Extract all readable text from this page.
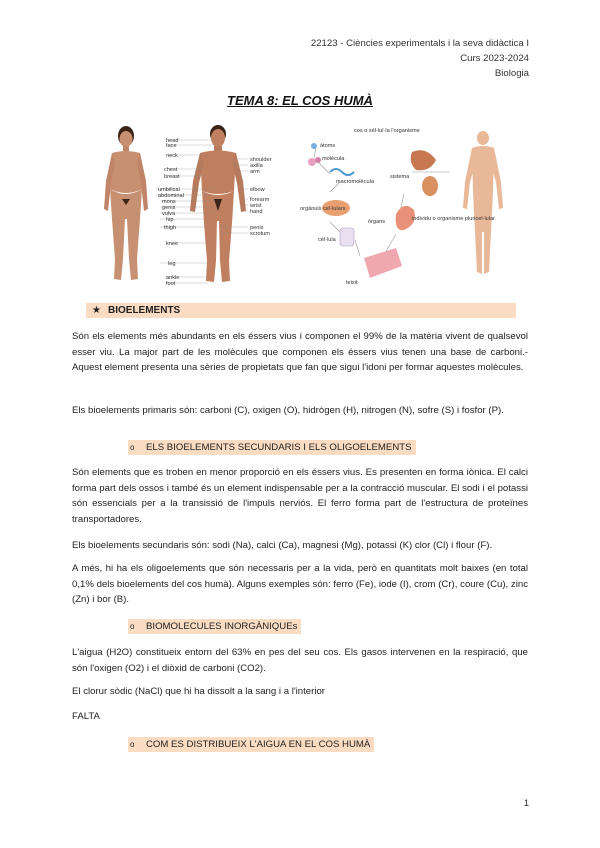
22123 - Ciències experimentals i la seva didàctica I
Curs 2023-2024
Biologia
TEMA 8: EL COS HUMÀ
head
face
neck
chest
breast
umbilical
abdominal
mons
genis
vulva
hip
thigh
knee
leg
ankle
foot
shoulder
axilla
arm
elbow
forearm
wrist
hand
penis
scrotum
cos o sèl·lul·la l'organisme
àtoms
molècula
macromolècula
orgànuls cel·lulars
cèl·lula
teixit
òrgans
sistema
individu o organisme pluricel·lular
★ BIOELEMENTS
Són els elements més abundants en els éssers vius i componen el 99% de la matèria vivent de qualsevol esser viu. La major part de les molècules que componen els éssers vius tenen una base de carboni.- Aquest element presenta una sèries de propietats que fan que sigui l'idoni per formar aquestes molècules.
Els bioelements primaris són: carboni (C), oxigen (O), hidrògen (H), nitrogen (N), sofre (S) i fosfor (P).
o ELS BIOELEMENTS SECUNDARIS I ELS OLIGOELEMENTS
Són elements que es troben en menor proporció en els éssers vius. Es presenten en forma iònica. El calci forma part dels ossos i també és un element indispensable per a la contracció muscular. El sodi i el potassi són essencials per a la transissió de l'impuls nerviós. El ferro forma part de l'estructura de proteïnes transportadores.
Els bioelements secundaris són: sodi (Na), calci (Ca), magnesi (Mg), potassi (K) clor (Cl) i flour (F).
A més, hi ha els oligoelements que són necessaris per a la vida, però en quantitats molt baixes (en total 0,1% dels bioelements del cos humà). Alguns exemples són: ferro (Fe), iode (I), crom (Cr), coure (Cu), zinc (Zn) i bor (B).
o BIOMOLECULES INORGÀNIQUEs
L'aigua (H2O) constitueix entorn del 63% en pes del seu cos. Els gasos intervenen en la respiració, que són l'oxigen (O2) i el diòxid de carboni (CO2).
El clorur sòdic (NaCl) que hi ha dissolt a la sang i a l'interior
FALTA
o COM ES DISTRIBUEIX L'AIGUA EN EL COS HUMÀ
1
